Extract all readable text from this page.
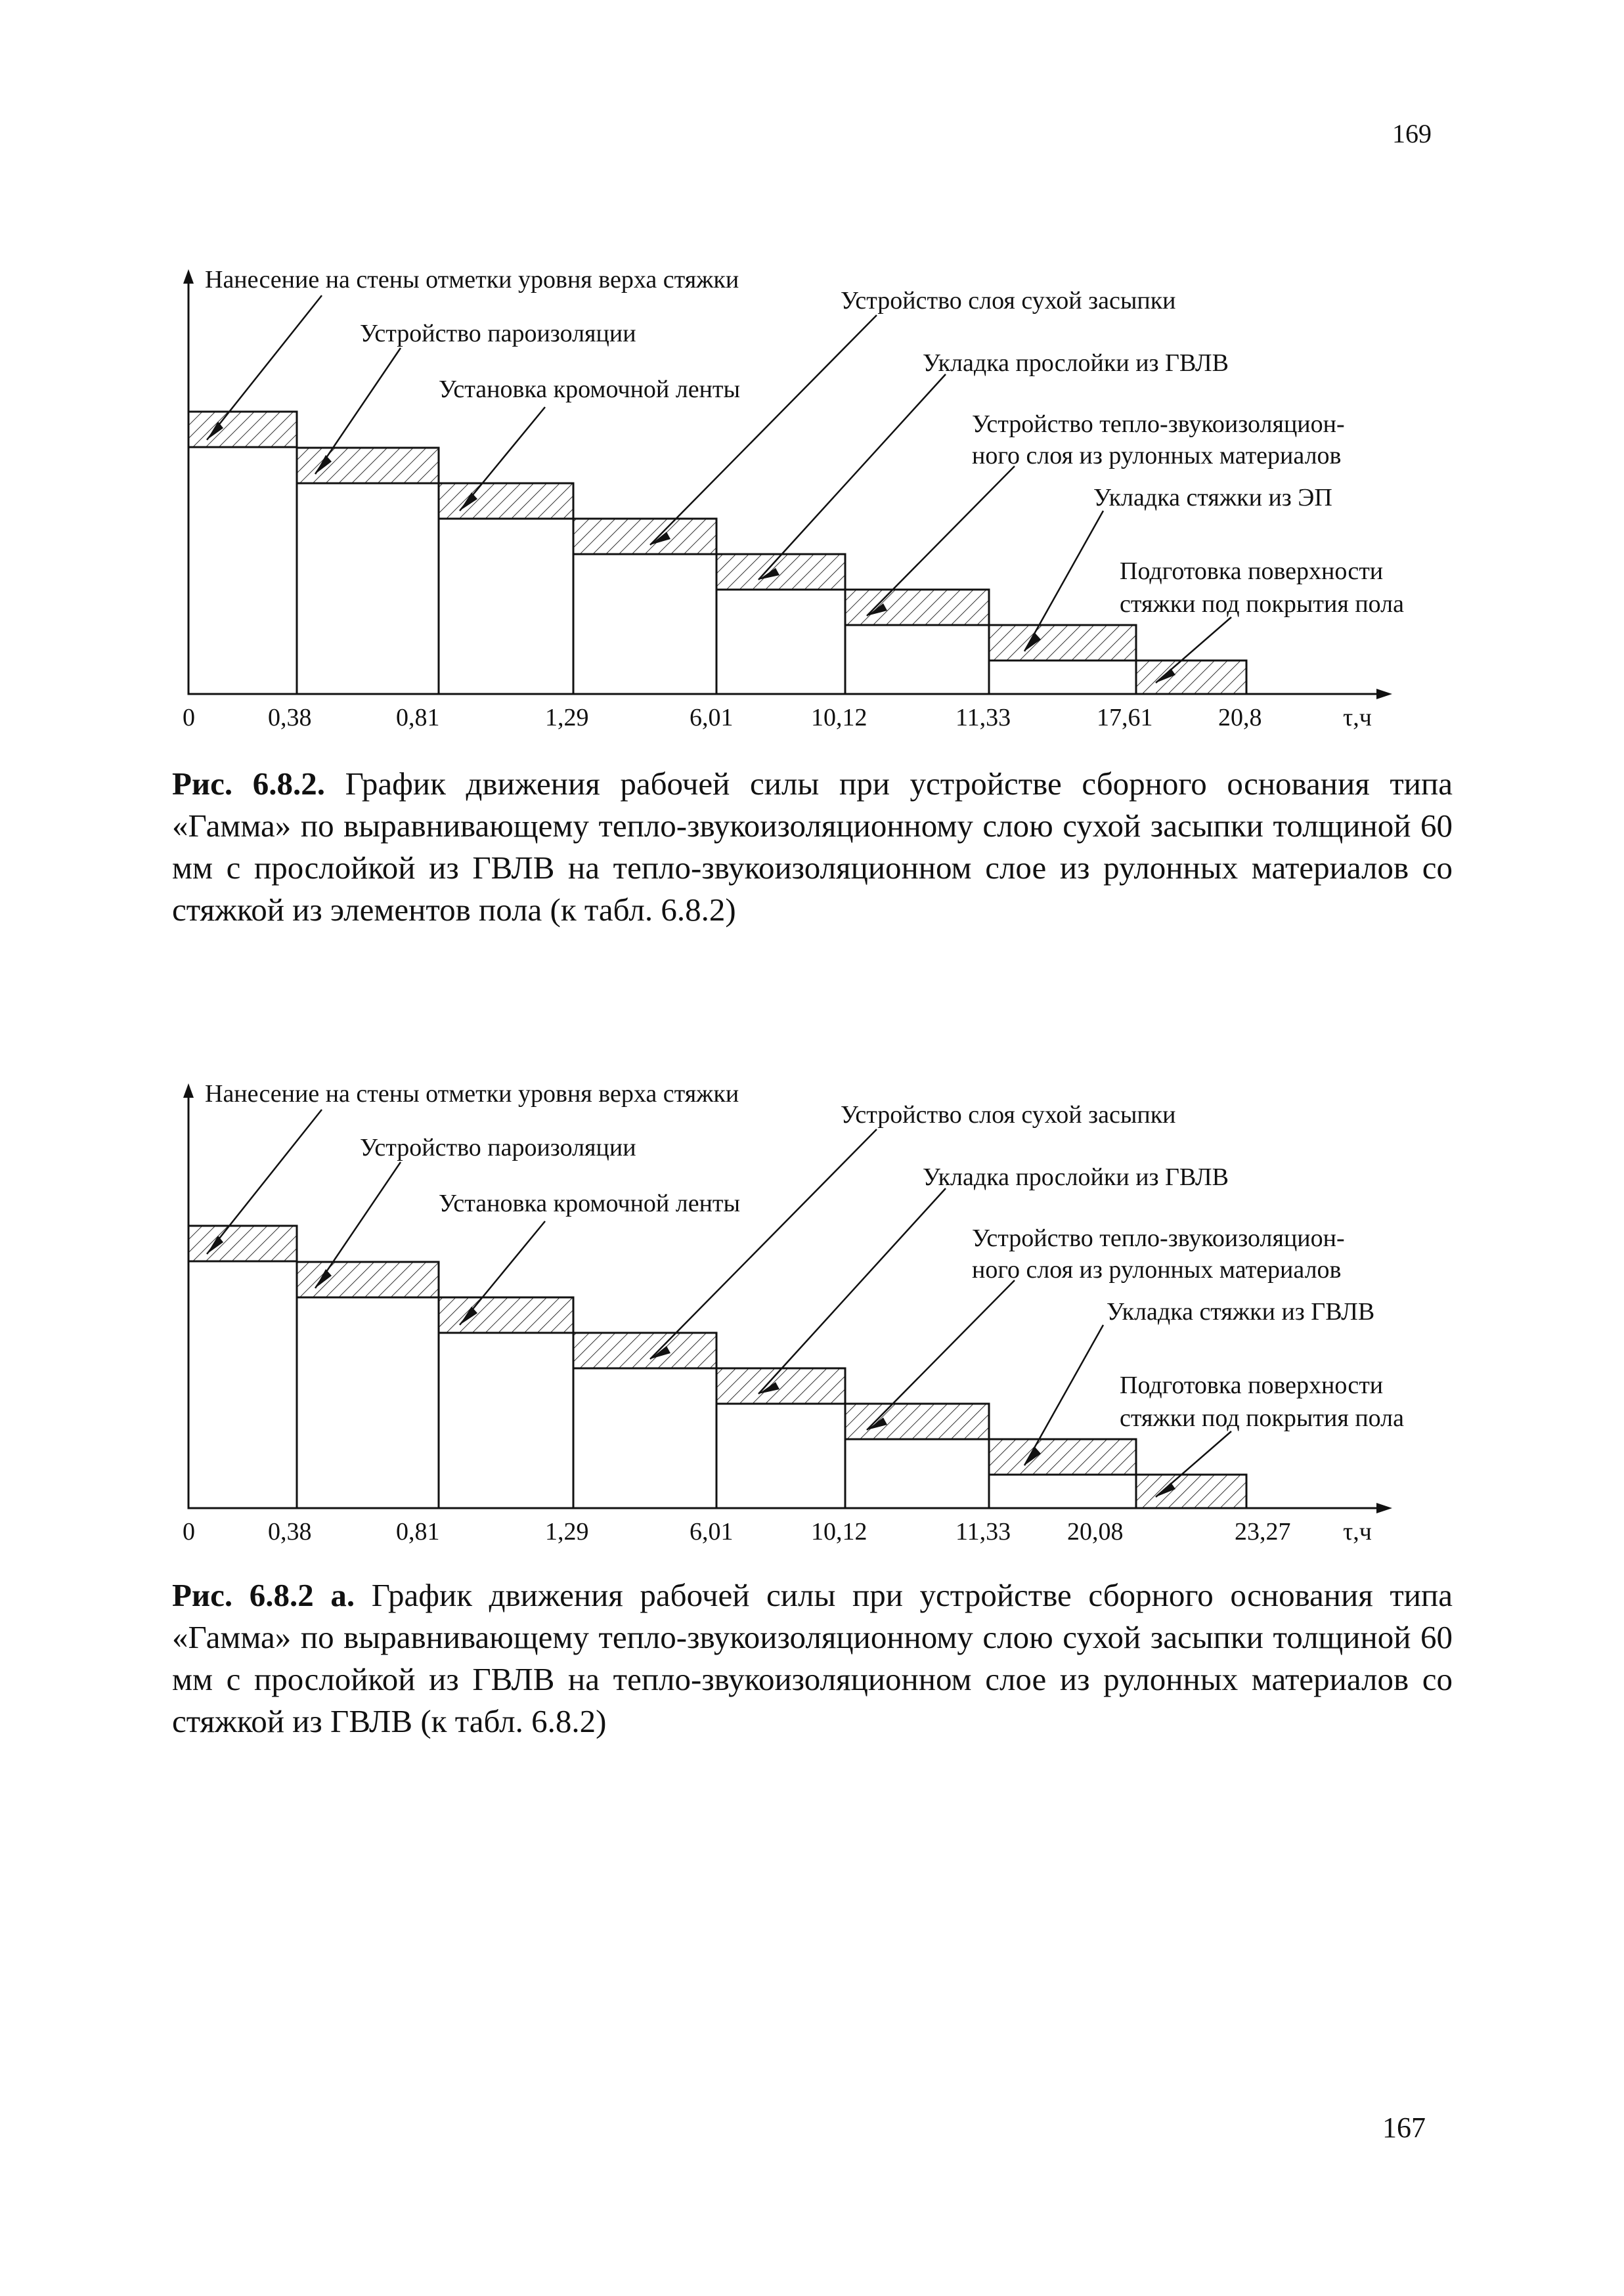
169
Нанесение на стены отметки уровня верха стяжки
Устройство пароизоляции
Установка кромочной ленты
Устройство слоя сухой засыпки
Укладка прослойки из ГВЛВ
Устройство тепло-звукоизоляцион-
ного слоя из рулонных материалов
Укладка стяжки из ЭП
Подготовка поверхности
стяжки под покрытия пола
0	0,38	0,81	1,29	6,01	10,12	11,33	17,61	20,8	τ,ч
Рис. 6.8.2. График движения рабочей силы при устройстве сборного основания типа «Гамма» по выравнивающему тепло-звукоизоляционному слою сухой засыпки толщиной 60 мм с прослойкой из ГВЛВ на тепло-звукоизоляционном слое из рулонных материалов со стяжкой из элементов пола (к табл. 6.8.2)
Нанесение на стены отметки уровня верха стяжки
Устройство пароизоляции
Установка кромочной ленты
Устройство слоя сухой засыпки
Укладка прослойки из ГВЛВ
Устройство тепло-звукоизоляцион-
ного слоя из рулонных материалов
Укладка стяжки из ГВЛВ
Подготовка поверхности
стяжки под покрытия пола
0	0,38	0,81	1,29	6,01	10,12	11,33 20,08	23,27 τ,ч
Рис. 6.8.2 а. График движения рабочей силы при устройстве сборного основания типа «Гамма» по выравнивающему тепло-звукоизоляционному слою сухой засыпки толщиной 60 мм с прослойкой из ГВЛВ на тепло-звукоизоляционном слое из рулонных материалов со стяжкой из ГВЛВ (к табл. 6.8.2)
167
